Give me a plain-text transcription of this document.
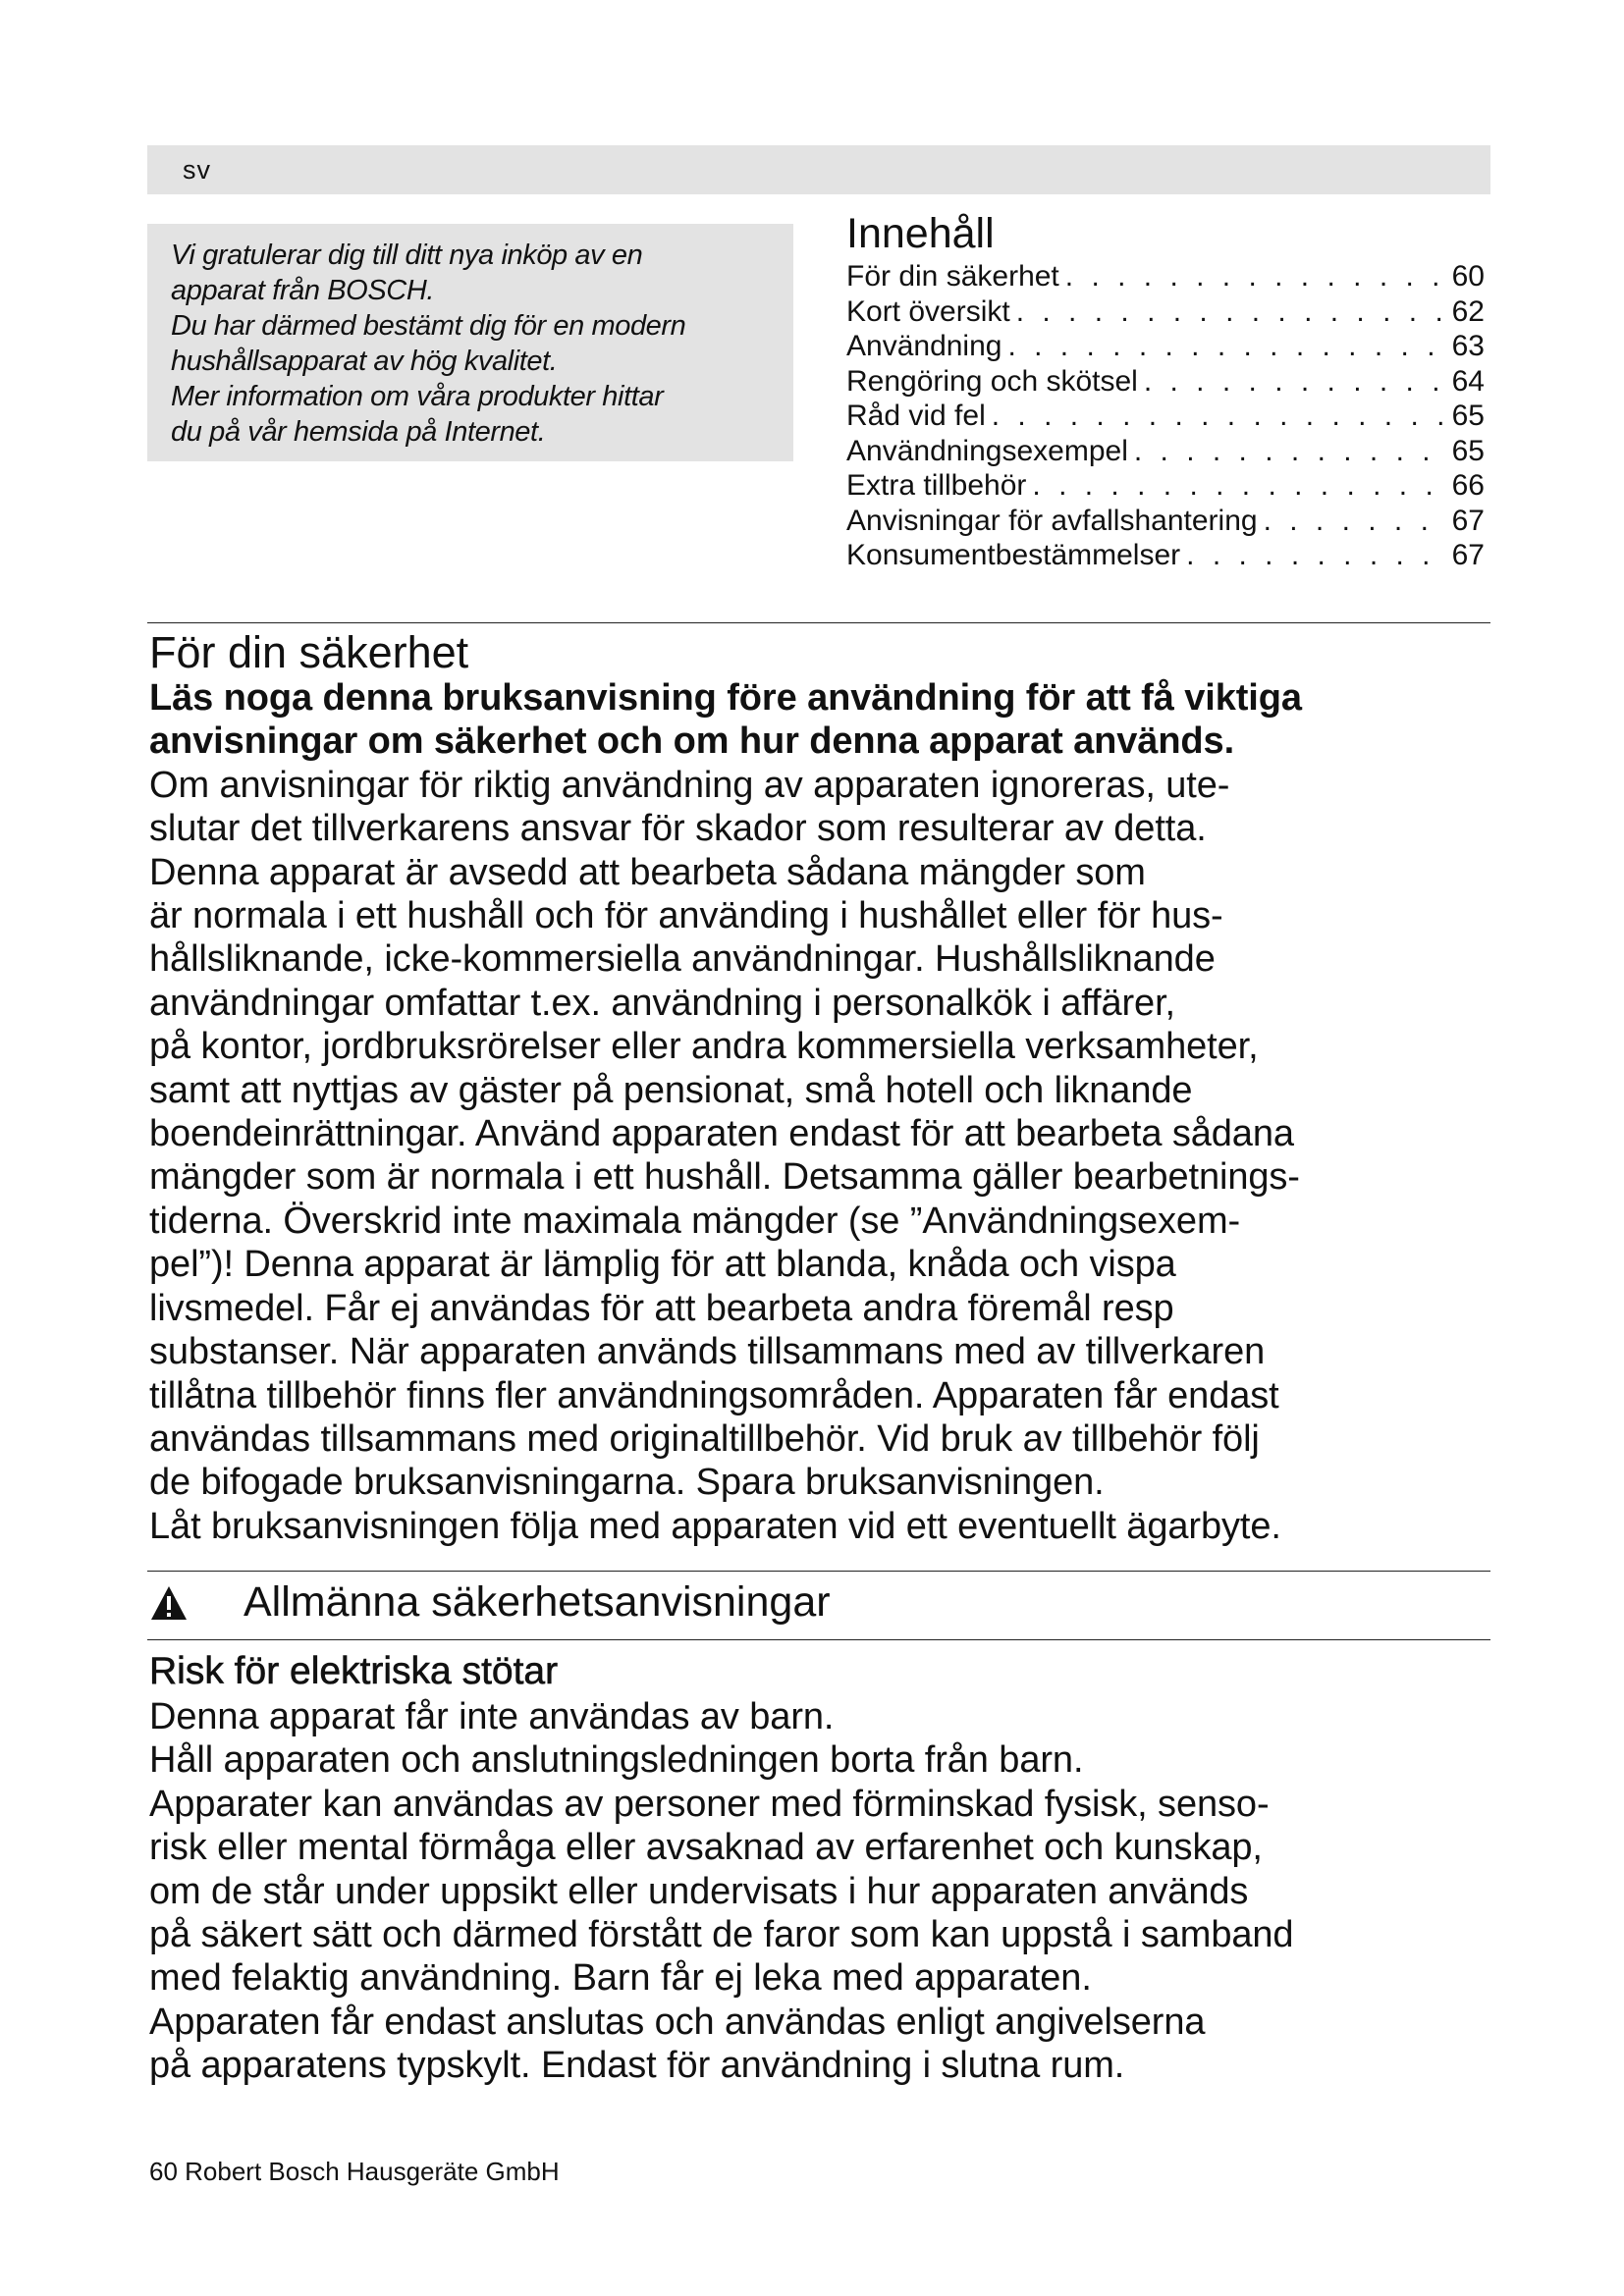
sv

Vi gratulerar dig till ditt nya inköp av en

apparat från BOSCH.

Du har därmed bestämt dig för en modern

hushållsapparat av hög kvalitet.

Mer information om våra produkter hittar

du på vår hemsida på Internet.

Innehåll
För din säkerhet . . .	60
Kort översikt . . .	62
Användning . . .	63
Rengöring och skötsel . . .	64
Råd vid fel . . .	65
Användningsexempel . . .	65
Extra tillbehör . . .	66
Anvisningar för avfallshantering . . .	67
Konsumentbestämmelser . . .	67
För din säkerhet

Läs noga denna bruksanvisning före användning för att få viktiga

anvisningar om säkerhet och om hur denna apparat används.

Om anvisningar för riktig användning av apparaten ignoreras, ute-

slutar det tillverkarens ansvar för skador som resulterar av detta.

Denna apparat är avsedd att bearbeta sådana mängder som

är normala i ett hushåll och för använding i hushållet eller för hus-

hållsliknande, icke-kommersiella användningar. Hushållsliknande

användningar omfattar t.ex. användning i personalkök i affärer,

på kontor, jordbruksrörelser eller andra kommersiella verksamheter,

samt att nyttjas av gäster på pensionat, små hotell och liknande

boendeinrättningar. Använd apparaten endast för att bearbeta sådana

mängder som är normala i ett hushåll. Detsamma gäller bearbetnings-

tiderna. Överskrid inte maximala mängder (se ”Användningsexem-

pel”)! Denna apparat är lämplig för att blanda, knåda och vispa

livsmedel. Får ej användas för att bearbeta andra föremål resp

substanser. När apparaten används tillsammans med av tillverkaren

tillåtna tillbehör finns fler användningsområden. Apparaten får endast

användas tillsammans med originaltillbehör. Vid bruk av tillbehör följ

de bifogade bruksanvisningarna. Spara bruksanvisningen.

Låt bruksanvisningen följa med apparaten vid ett eventuellt ägarbyte.

Allmänna säkerhetsanvisningar
Risk för elektriska stötar

Denna apparat får inte användas av barn.

Håll apparaten och anslutningsledningen borta från barn.

Apparater kan användas av personer med förminskad fysisk, senso-

risk eller mental förmåga eller avsaknad av erfarenhet och kunskap,

om de står under uppsikt eller undervisats i hur apparaten används

på säkert sätt och därmed förstått de faror som kan uppstå i samband

med felaktig användning. Barn får ej leka med apparaten.

Apparaten får endast anslutas och användas enligt angivelserna

på apparatens typskylt. Endast för användning i slutna rum.

60 Robert Bosch Hausgeräte GmbH
